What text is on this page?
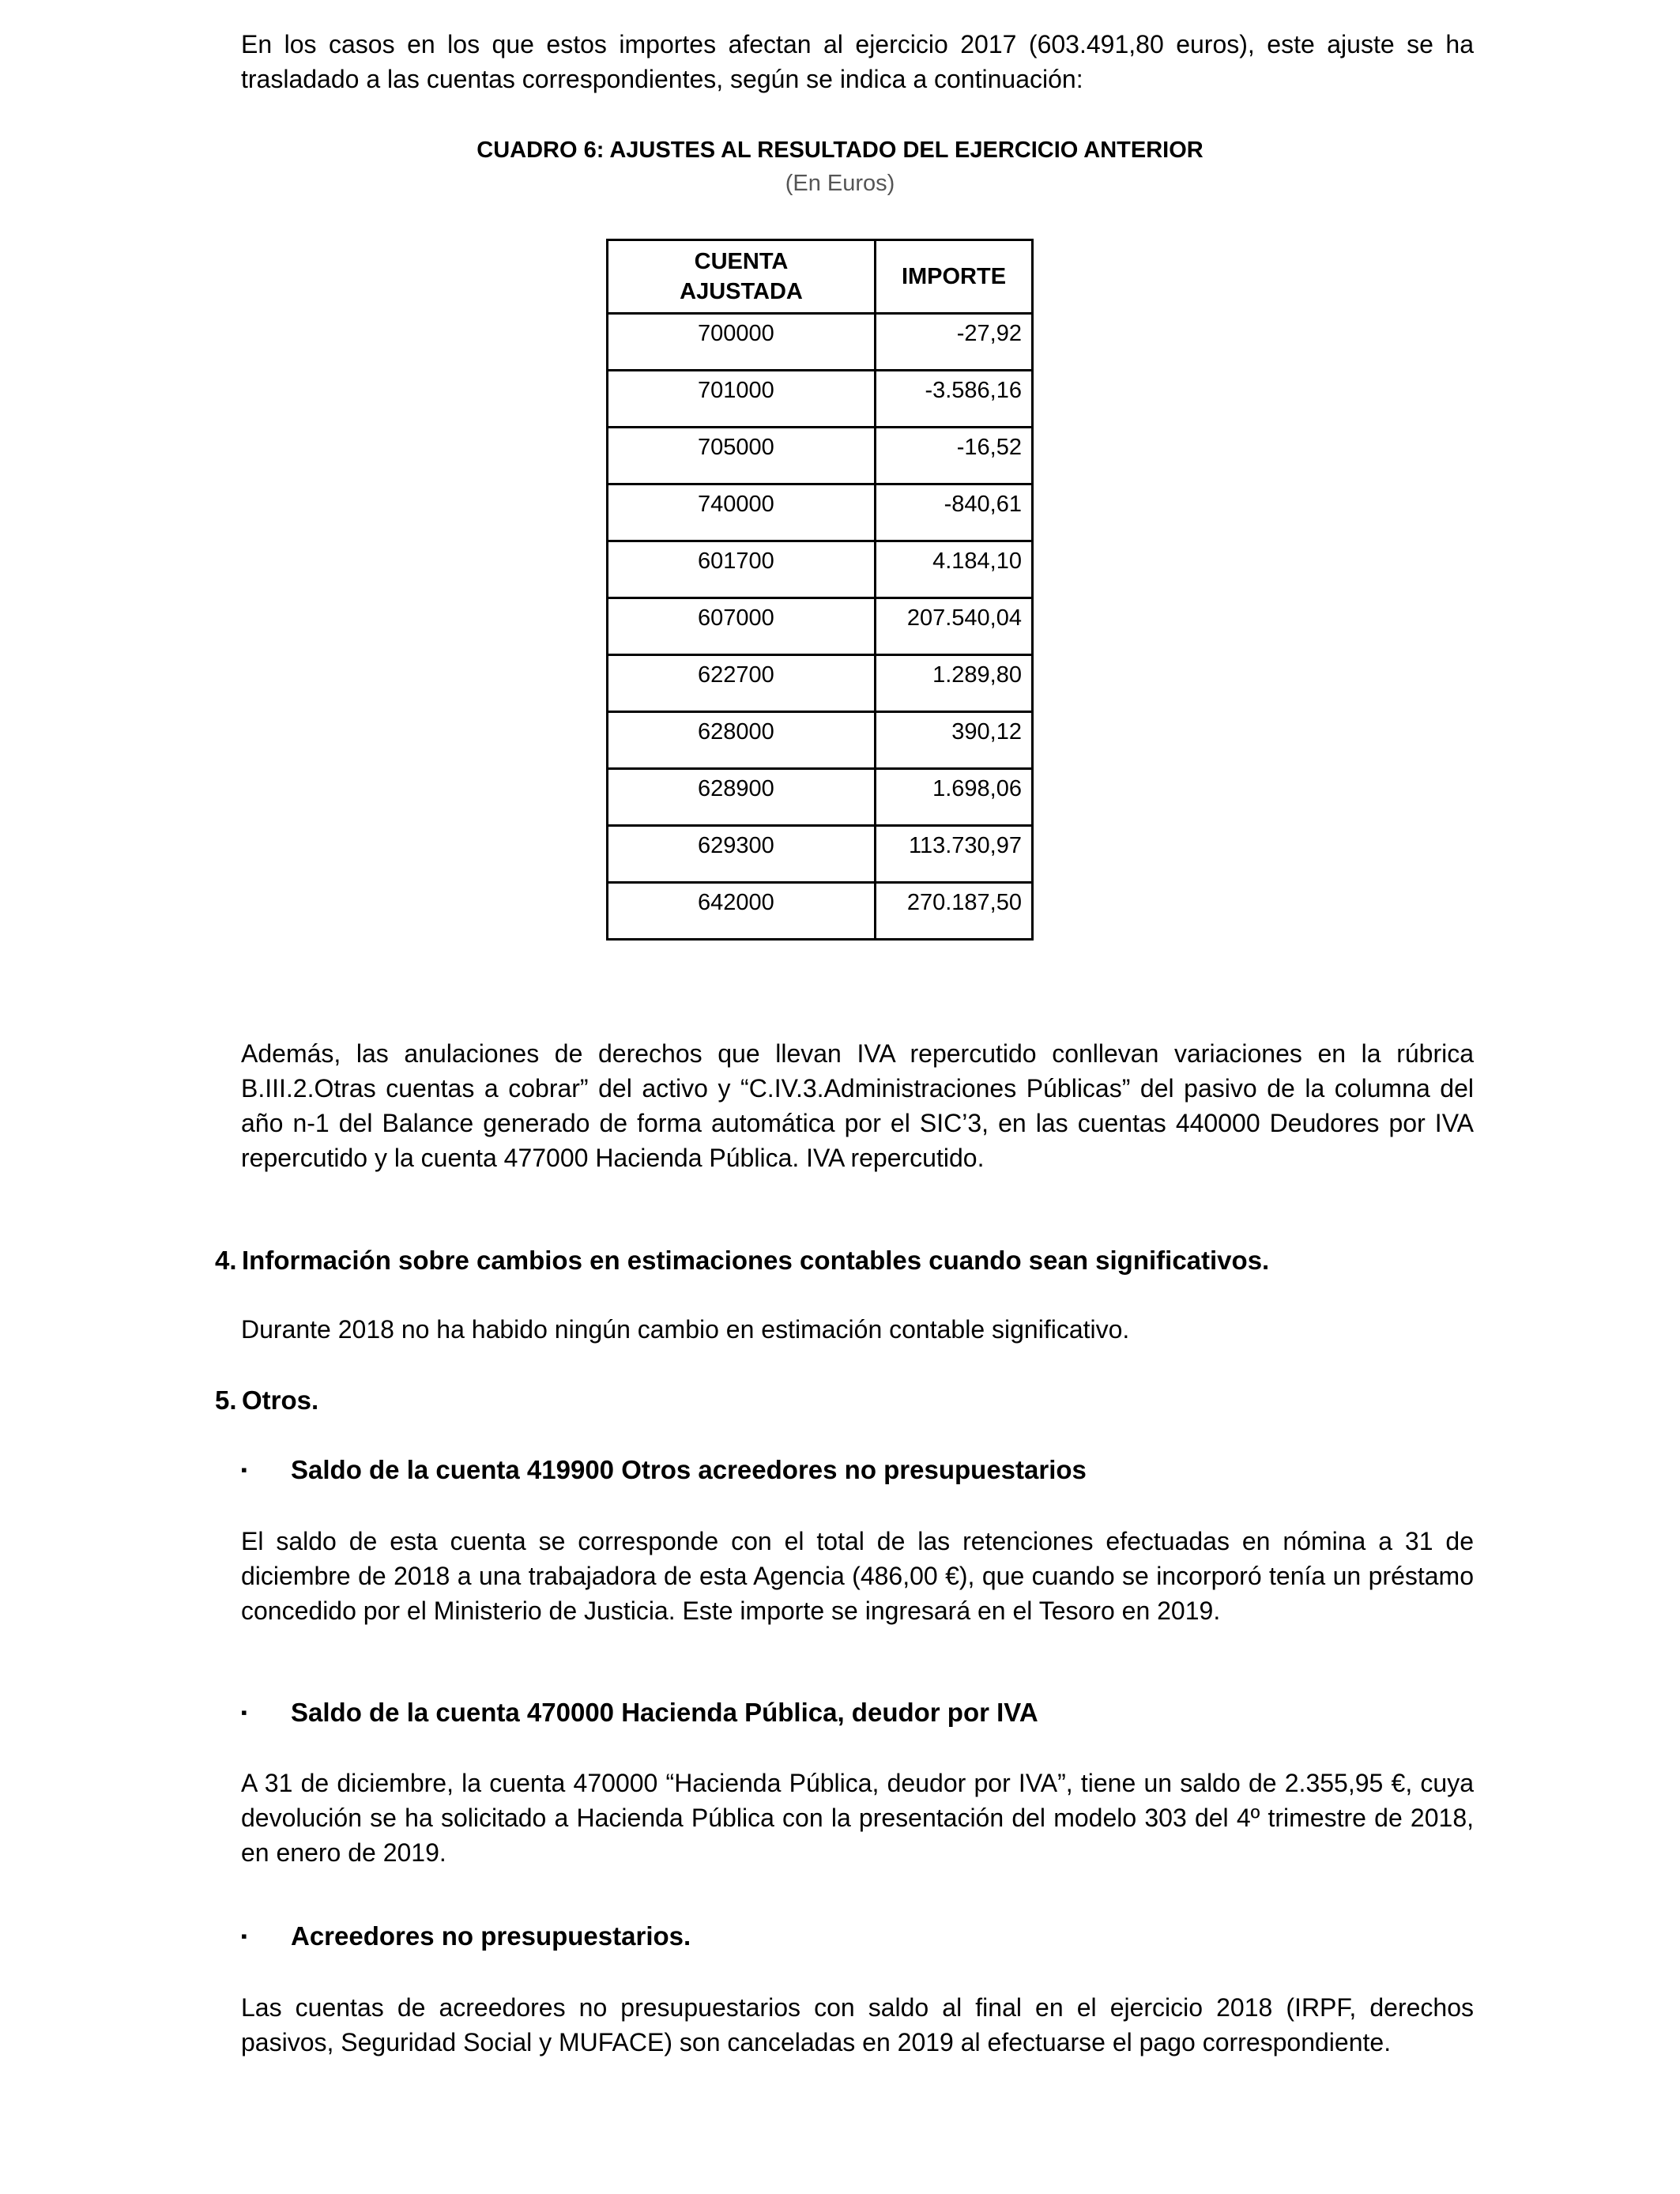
En los casos en los que estos importes afectan al ejercicio 2017 (603.491,80 euros), este ajuste se ha trasladado a las cuentas correspondientes, según se indica a continuación:

CUADRO 6: AJUSTES AL RESULTADO DEL EJERCICIO ANTERIOR

(En Euros)

CUENTA
AJUSTADA	IMPORTE
700000	-27,92
701000	-3.586,16
705000	-16,52
740000	-840,61
601700	4.184,10
607000	207.540,04
622700	1.289,80
628000	390,12
628900	1.698,06
629300	113.730,97
642000	270.187,50

Además, las anulaciones de derechos que llevan IVA repercutido conllevan variaciones en la rúbrica B.III.2.Otras cuentas a cobrar” del activo y “C.IV.3.Administraciones Públicas” del pasivo de la columna del año n-1 del Balance generado de forma automática por el SIC’3, en las cuentas 440000 Deudores por IVA repercutido y la cuenta 477000 Hacienda Pública. IVA repercutido.

4. Información sobre cambios en estimaciones contables cuando sean significativos.

Durante 2018 no ha habido ningún cambio en estimación contable significativo.

5. Otros.

▪ Saldo de la cuenta 419900 Otros acreedores no presupuestarios

El saldo de esta cuenta se corresponde con el total de las retenciones efectuadas en nómina a 31 de diciembre de 2018 a una trabajadora de esta Agencia (486,00 €), que cuando se incorporó tenía un préstamo concedido por el Ministerio de Justicia. Este importe se ingresará en el Tesoro en 2019.

▪ Saldo de la cuenta 470000 Hacienda Pública, deudor por IVA

A 31 de diciembre, la cuenta 470000 “Hacienda Pública, deudor por IVA”, tiene un saldo de 2.355,95 €, cuya devolución se ha solicitado a Hacienda Pública con la presentación del modelo 303 del 4º trimestre de 2018, en enero de 2019.

▪ Acreedores no presupuestarios.

Las cuentas de acreedores no presupuestarios con saldo al final en el ejercicio 2018 (IRPF, derechos pasivos, Seguridad Social y MUFACE) son canceladas en 2019 al efectuarse el pago correspondiente.
